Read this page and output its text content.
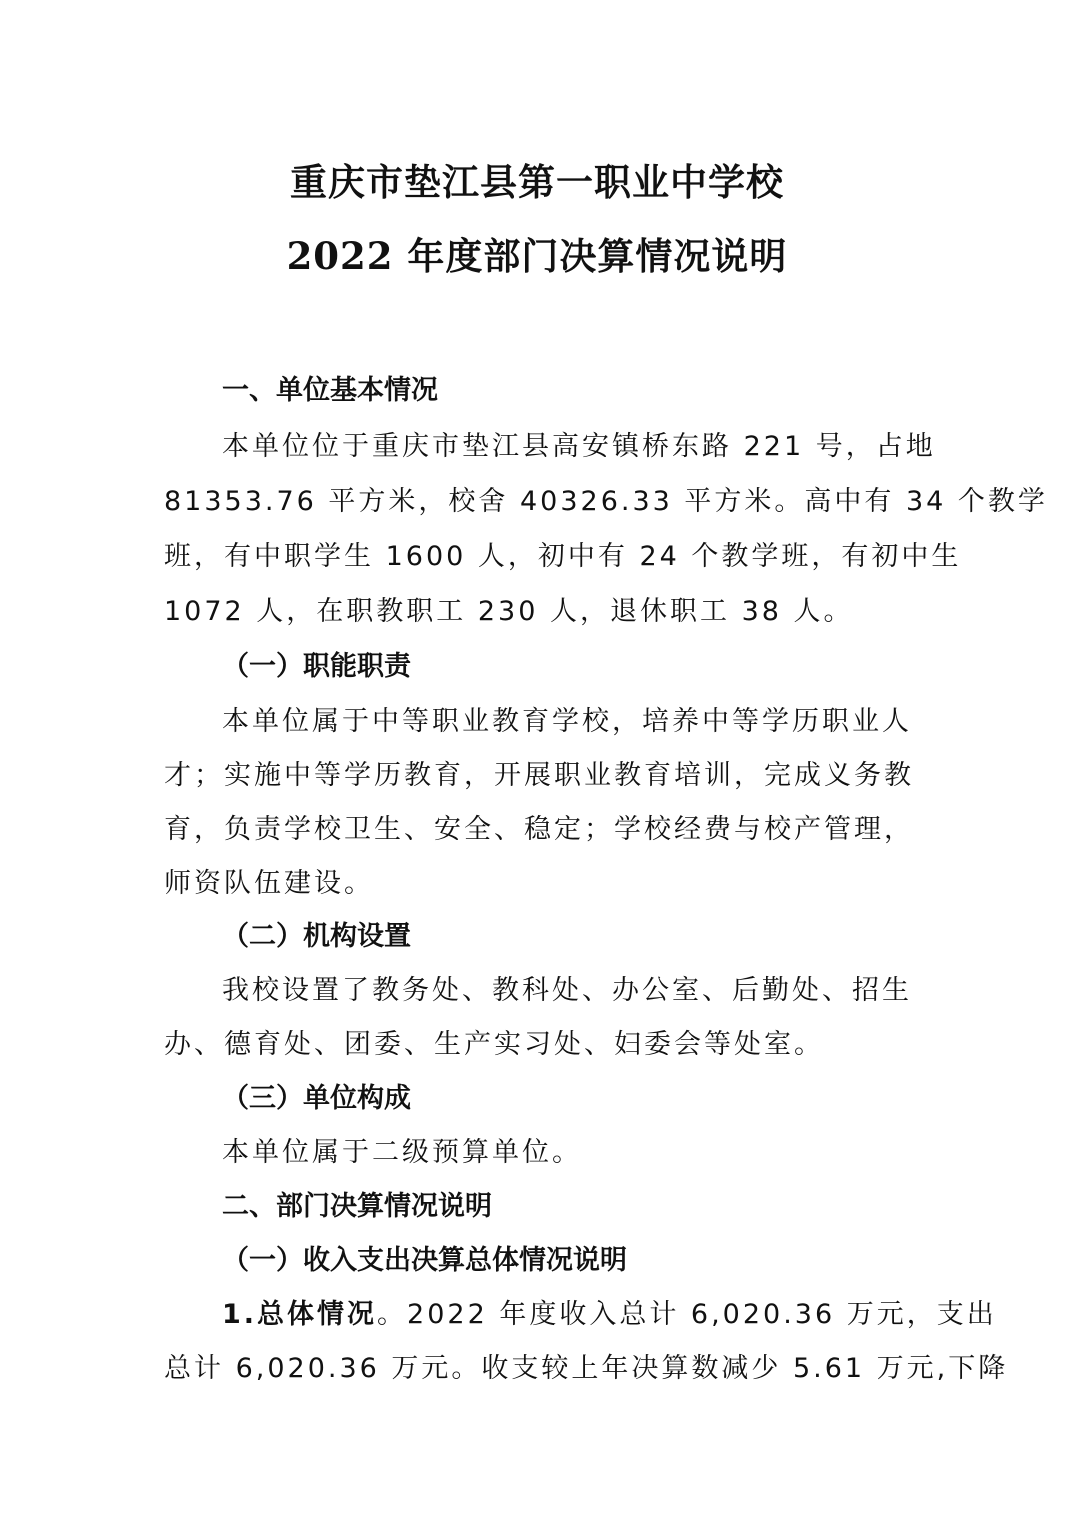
重庆市垫江县第一职业中学校
2022 年度部门决算情况说明
一、单位基本情况
本单位位于重庆市垫江县高安镇桥东路 221 号，占地
81353.76 平方米，校舍 40326.33 平方米。高中有 34 个教学
班，有中职学生 1600 人，初中有 24 个教学班，有初中生
1072 人，在职教职工 230 人，退休职工 38 人。
（一）职能职责
本单位属于中等职业教育学校，培养中等学历职业人
才；实施中等学历教育，开展职业教育培训，完成义务教
育，负责学校卫生、安全、稳定；学校经费与校产管理，
师资队伍建设。
（二）机构设置
我校设置了教务处、教科处、办公室、后勤处、招生
办、德育处、团委、生产实习处、妇委会等处室。
（三）单位构成
本单位属于二级预算单位。
二、部门决算情况说明
（一）收入支出决算总体情况说明
1.总体情况。2022 年度收入总计 6,020.36 万元，支出
总计 6,020.36 万元。收支较上年决算数减少 5.61 万元,下降
